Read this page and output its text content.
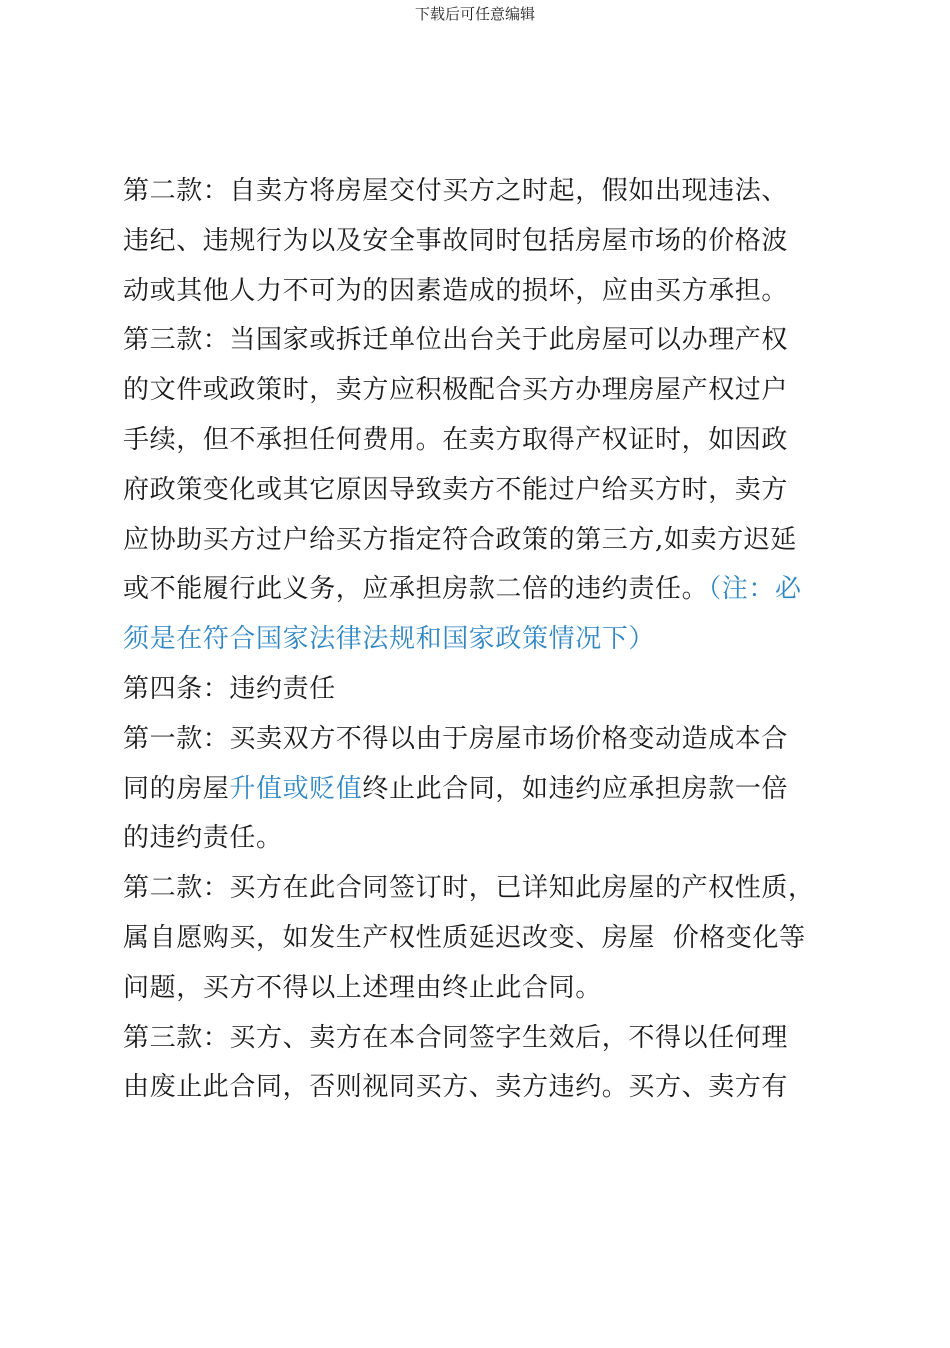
下载后可任意编辑
第二款：自卖方将房屋交付买方之时起，假如出现违法、
违纪、违规行为以及安全事故同时包括房屋市场的价格波
动或其他人力不可为的因素造成的损坏，应由买方承担。
第三款：当国家或拆迁单位出台关于此房屋可以办理产权
的文件或政策时，卖方应积极配合买方办理房屋产权过户
手续，但不承担任何费用。在卖方取得产权证时，如因政
府政策变化或其它原因导致卖方不能过户给买方时，卖方
应协助买方过户给买方指定符合政策的第三方,如卖方迟延
或不能履行此义务，应承担房款二倍的违约责任。（注：必
须是在符合国家法律法规和国家政策情况下）
第四条：违约责任
第一款：买卖双方不得以由于房屋市场价格变动造成本合
同的房屋升值或贬值终止此合同，如违约应承担房款一倍
的违约责任。
第二款：买方在此合同签订时，已详知此房屋的产权性质，
属自愿购买，如发生产权性质延迟改变、房屋  价格变化等
问题，买方不得以上述理由终止此合同。
第三款：买方、卖方在本合同签字生效后，不得以任何理
由废止此合同，否则视同买方、卖方违约。买方、卖方有
